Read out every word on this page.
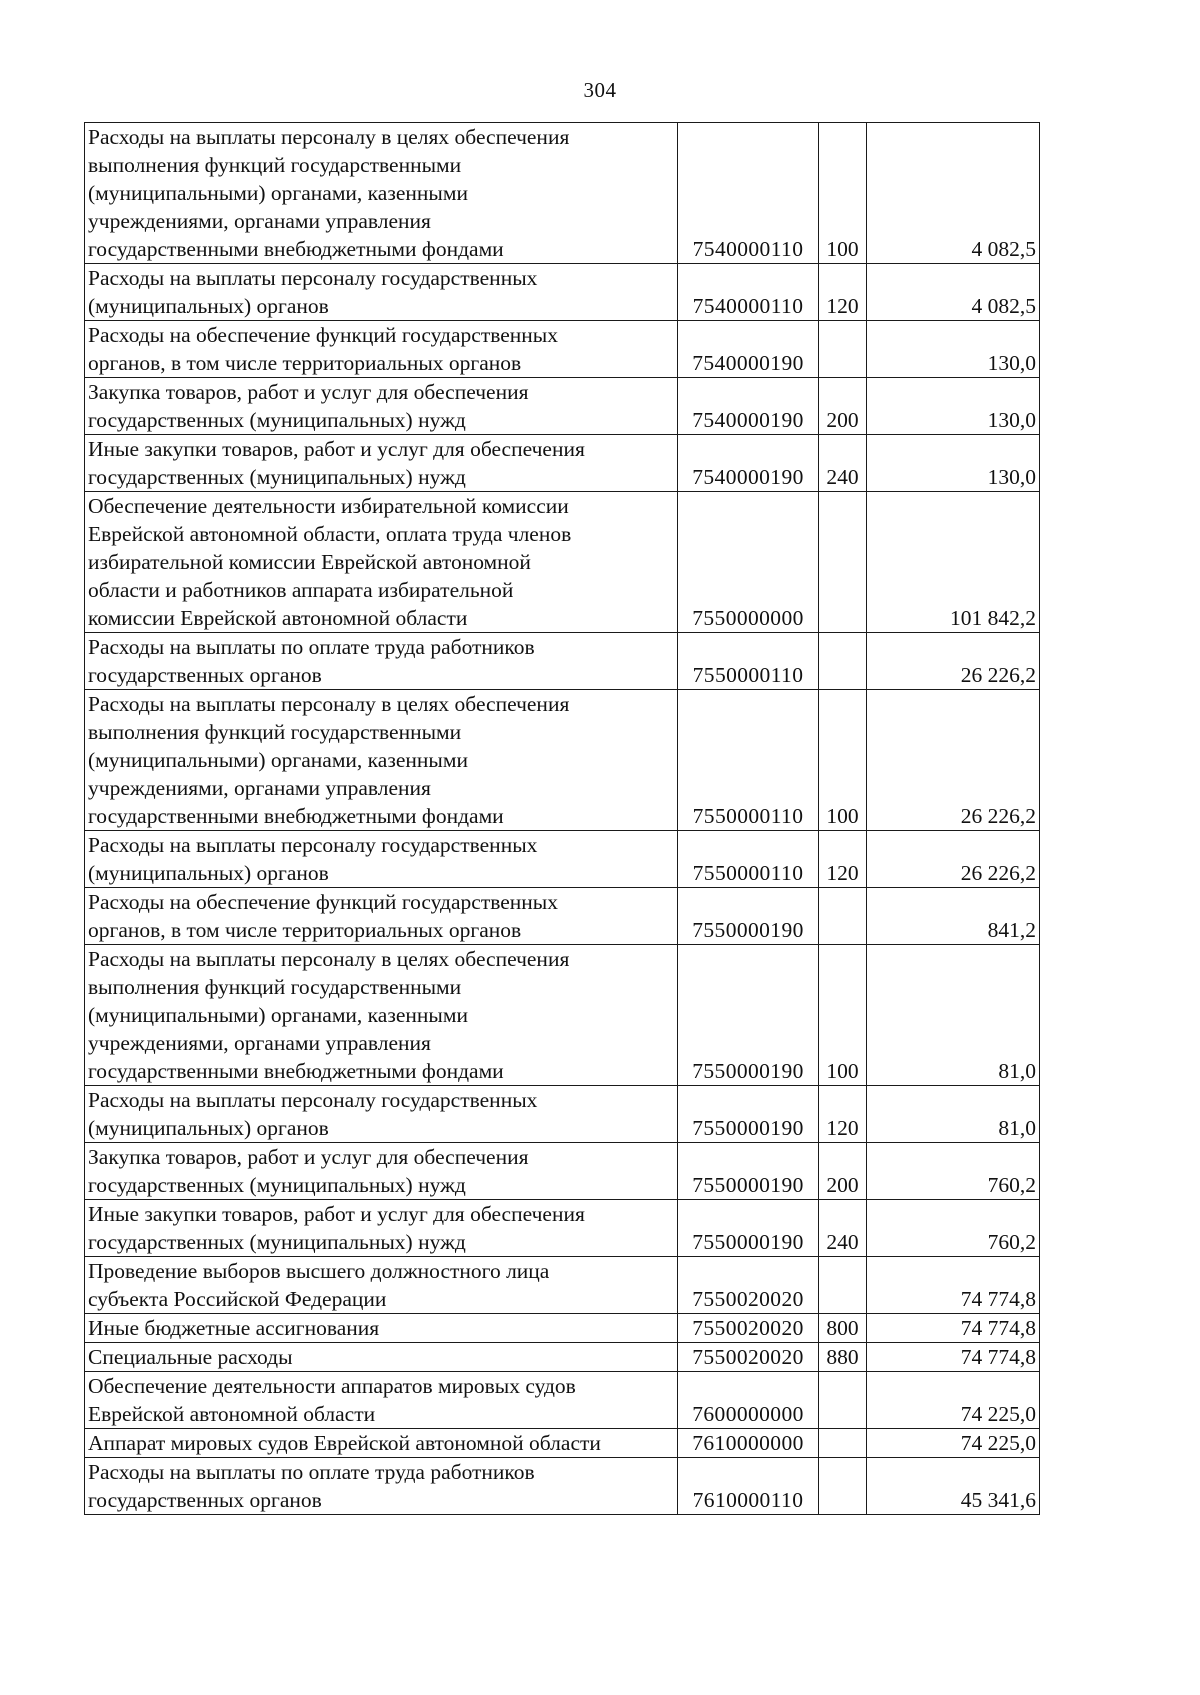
304
Расходы на выплаты персоналу в целях обеспечения
выполнения функций государственными
(муниципальными) органами, казенными
учреждениями, органами управления
государственными внебюджетными фондами	7540000110	100	4 082,5
Расходы на выплаты персоналу государственных
(муниципальных) органов	7540000110	120	4 082,5
Расходы на обеспечение функций государственных
органов, в том числе территориальных органов	7540000190		130,0
Закупка товаров, работ и услуг для обеспечения
государственных (муниципальных) нужд	7540000190	200	130,0
Иные закупки товаров, работ и услуг для обеспечения
государственных (муниципальных) нужд	7540000190	240	130,0
Обеспечение деятельности избирательной комиссии
Еврейской автономной области, оплата труда членов
избирательной комиссии Еврейской автономной
области и работников аппарата избирательной
комиссии Еврейской автономной области	7550000000		101 842,2
Расходы на выплаты по оплате труда работников
государственных органов	7550000110		26 226,2
Расходы на выплаты персоналу в целях обеспечения
выполнения функций государственными
(муниципальными) органами, казенными
учреждениями, органами управления
государственными внебюджетными фондами	7550000110	100	26 226,2
Расходы на выплаты персоналу государственных
(муниципальных) органов	7550000110	120	26 226,2
Расходы на обеспечение функций государственных
органов, в том числе территориальных органов	7550000190		841,2
Расходы на выплаты персоналу в целях обеспечения
выполнения функций государственными
(муниципальными) органами, казенными
учреждениями, органами управления
государственными внебюджетными фондами	7550000190	100	81,0
Расходы на выплаты персоналу государственных
(муниципальных) органов	7550000190	120	81,0
Закупка товаров, работ и услуг для обеспечения
государственных (муниципальных) нужд	7550000190	200	760,2
Иные закупки товаров, работ и услуг для обеспечения
государственных (муниципальных) нужд	7550000190	240	760,2
Проведение выборов высшего должностного лица
субъекта Российской Федерации	7550020020		74 774,8
Иные бюджетные ассигнования	7550020020	800	74 774,8
Специальные расходы	7550020020	880	74 774,8
Обеспечение деятельности аппаратов мировых судов
Еврейской автономной области	7600000000		74 225,0
Аппарат мировых судов Еврейской автономной области	7610000000		74 225,0
Расходы на выплаты по оплате труда работников
государственных органов	7610000110		45 341,6
